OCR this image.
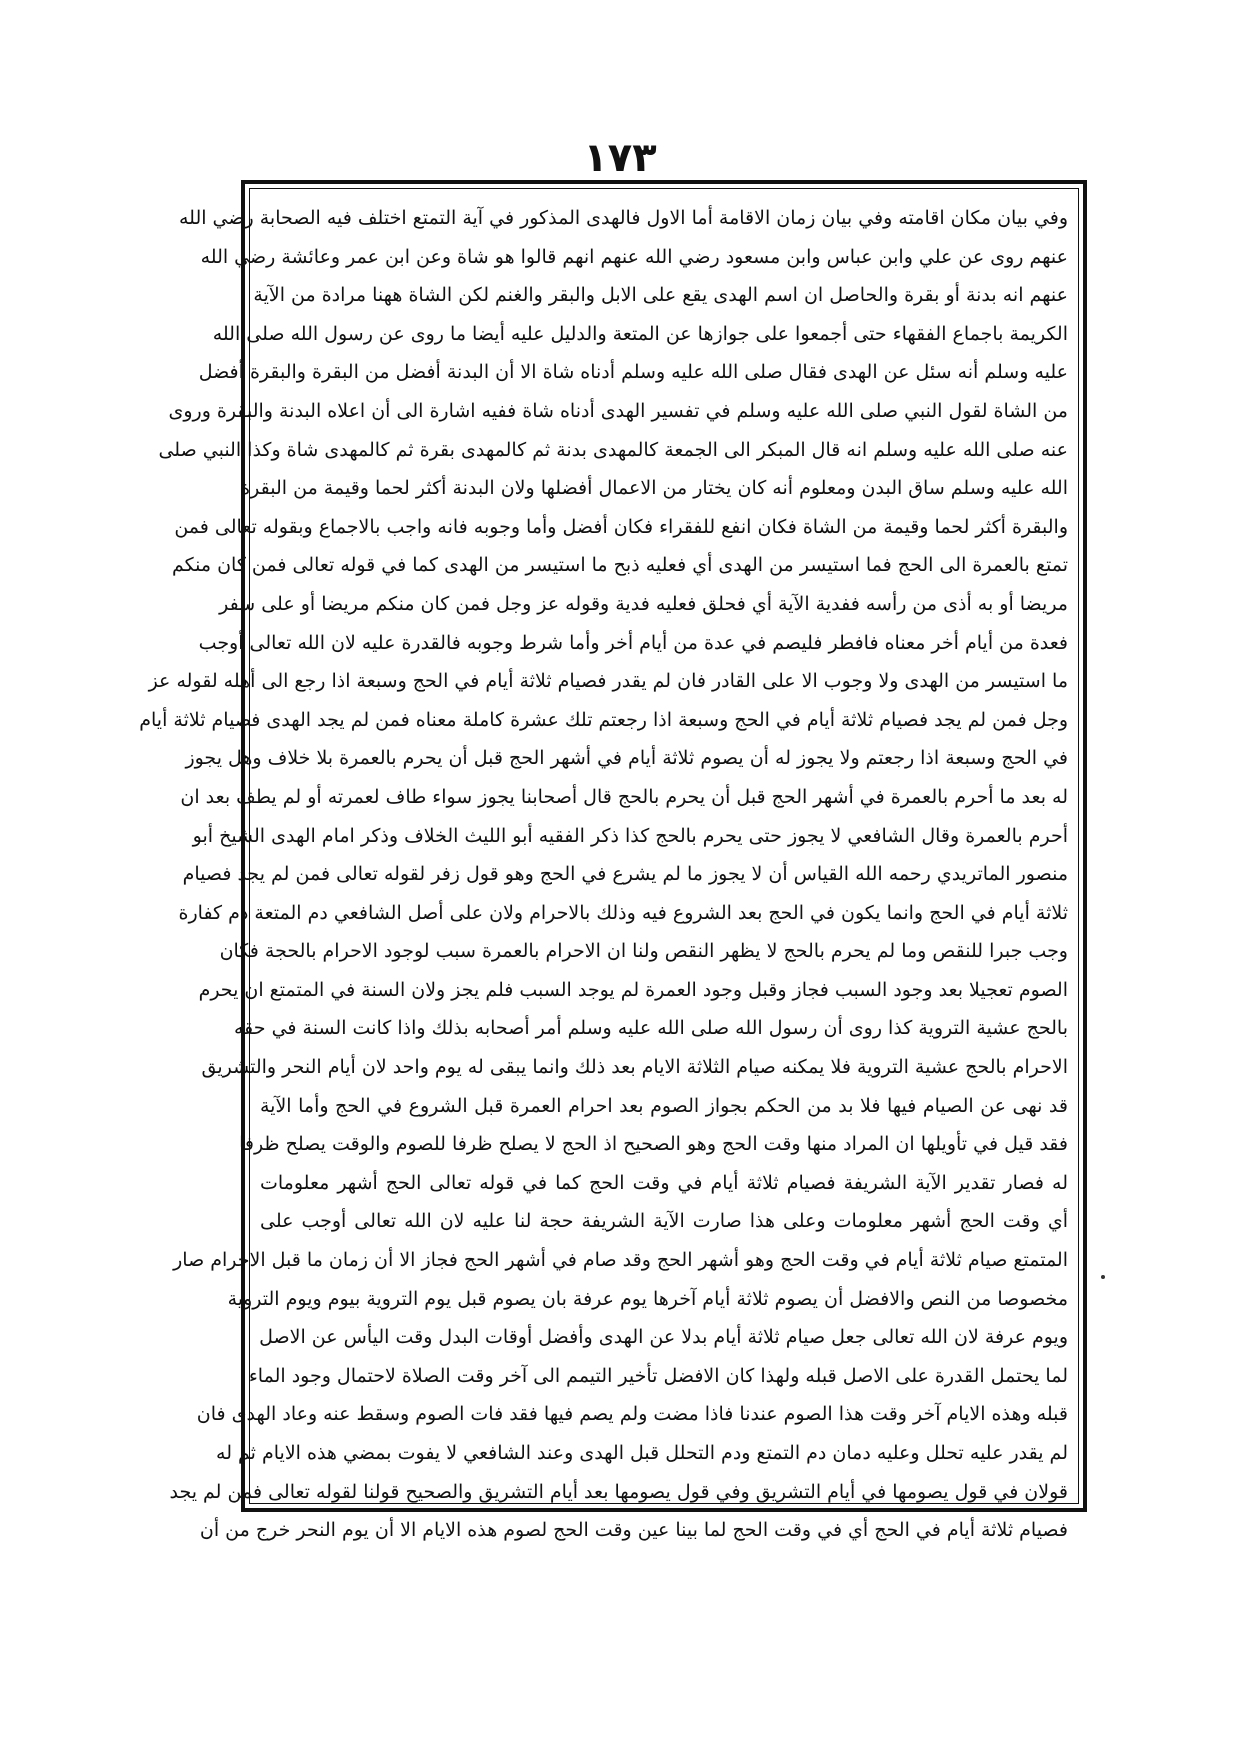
١٧٣
وفي بيان مكان اقامته وفي بيان زمان الاقامة أما الاول فالهدى المذكور في آية التمتع اختلف فيه الصحابة رضي الله
عنهم روى عن علي وابن عباس وابن مسعود رضي الله عنهم انهم قالوا هو شاة وعن ابن عمر وعائشة رضي الله
عنهم انه بدنة أو بقرة والحاصل ان اسم الهدى يقع على الابل والبقر والغنم لكن الشاة ههنا مرادة من الآية
الكريمة باجماع الفقهاء حتى أجمعوا على جوازها عن المتعة والدليل عليه أيضا ما روى عن رسول الله صلى الله
عليه وسلم أنه سئل عن الهدى فقال صلى الله عليه وسلم أدناه شاة الا أن البدنة أفضل من البقرة والبقرة أفضل
من الشاة لقول النبي صلى الله عليه وسلم في تفسير الهدى أدناه شاة ففيه اشارة الى أن اعلاه البدنة والبقرة وروى
عنه صلى الله عليه وسلم انه قال المبكر الى الجمعة كالمهدى بدنة ثم كالمهدى بقرة ثم كالمهدى شاة وكذا النبي صلى
الله عليه وسلم ساق البدن ومعلوم أنه كان يختار من الاعمال أفضلها ولان البدنة أكثر لحما وقيمة من البقرة
والبقرة أكثر لحما وقيمة من الشاة فكان انفع للفقراء فكان أفضل وأما وجوبه فانه واجب بالاجماع وبقوله تعالى فمن
تمتع بالعمرة الى الحج فما استيسر من الهدى أي فعليه ذبح ما استيسر من الهدى كما في قوله تعالى فمن كان منكم
مريضا أو به أذى من رأسه ففدية الآية أي فحلق فعليه فدية وقوله عز وجل فمن كان منكم مريضا أو على سفر
فعدة من أيام أخر معناه فافطر فليصم في عدة من أيام أخر وأما شرط وجوبه فالقدرة عليه لان الله تعالى أوجب
ما استيسر من الهدى ولا وجوب الا على القادر فان لم يقدر فصيام ثلاثة أيام في الحج وسبعة اذا رجع الى أهله لقوله عز
وجل فمن لم يجد فصيام ثلاثة أيام في الحج وسبعة اذا رجعتم تلك عشرة كاملة معناه فمن لم يجد الهدى فصيام ثلاثة أيام
في الحج وسبعة اذا رجعتم ولا يجوز له أن يصوم ثلاثة أيام في أشهر الحج قبل أن يحرم بالعمرة بلا خلاف وهل يجوز
له بعد ما أحرم بالعمرة في أشهر الحج قبل أن يحرم بالحج قال أصحابنا يجوز سواء طاف لعمرته أو لم يطف بعد ان
أحرم بالعمرة وقال الشافعي لا يجوز حتى يحرم بالحج كذا ذكر الفقيه أبو الليث الخلاف وذكر امام الهدى الشيخ أبو
منصور الماتريدي رحمه الله القياس أن لا يجوز ما لم يشرع في الحج وهو قول زفر لقوله تعالى فمن لم يجد فصيام
ثلاثة أيام في الحج وانما يكون في الحج بعد الشروع فيه وذلك بالاحرام ولان على أصل الشافعي دم المتعة دم كفارة
وجب جبرا للنقص وما لم يحرم بالحج لا يظهر النقص ولنا ان الاحرام بالعمرة سبب لوجود الاحرام بالحجة فكان
الصوم تعجيلا بعد وجود السبب فجاز وقبل وجود العمرة لم يوجد السبب فلم يجز ولان السنة في المتمتع ان يحرم
بالحج عشية التروية كذا روى أن رسول الله صلى الله عليه وسلم أمر أصحابه بذلك واذا كانت السنة في حقه
الاحرام بالحج عشية التروية فلا يمكنه صيام الثلاثة الايام بعد ذلك وانما يبقى له يوم واحد لان أيام النحر والتشريق
قد نهى عن الصيام فيها فلا بد من الحكم بجواز الصوم بعد احرام العمرة قبل الشروع في الحج وأما الآية
فقد قيل في تأويلها ان المراد منها وقت الحج وهو الصحيح اذ الحج لا يصلح ظرفا للصوم والوقت يصلح ظرفا
له فصار تقدير الآية الشريفة فصيام ثلاثة أيام في وقت الحج كما في قوله تعالى الحج أشهر معلومات
أي وقت الحج أشهر معلومات وعلى هذا صارت الآية الشريفة حجة لنا عليه لان الله تعالى أوجب على
المتمتع صيام ثلاثة أيام في وقت الحج وهو أشهر الحج وقد صام في أشهر الحج فجاز الا أن زمان ما قبل الاحرام صار
مخصوصا من النص والافضل أن يصوم ثلاثة أيام آخرها يوم عرفة بان يصوم قبل يوم التروية بيوم ويوم التروية
ويوم عرفة لان الله تعالى جعل صيام ثلاثة أيام بدلا عن الهدى وأفضل أوقات البدل وقت اليأس عن الاصل
لما يحتمل القدرة على الاصل قبله ولهذا كان الافضل تأخير التيمم الى آخر وقت الصلاة لاحتمال وجود الماء
قبله وهذه الايام آخر وقت هذا الصوم عندنا فاذا مضت ولم يصم فيها فقد فات الصوم وسقط عنه وعاد الهدى فان
لم يقدر عليه تحلل وعليه دمان دم التمتع ودم التحلل قبل الهدى وعند الشافعي لا يفوت بمضي هذه الايام ثم له
قولان في قول يصومها في أيام التشريق وفي قول يصومها بعد أيام التشريق والصحيح قولنا لقوله تعالى فمن لم يجد
فصيام ثلاثة أيام في الحج أي في وقت الحج لما بينا عين وقت الحج لصوم هذه الايام الا أن يوم النحر خرج من أن
